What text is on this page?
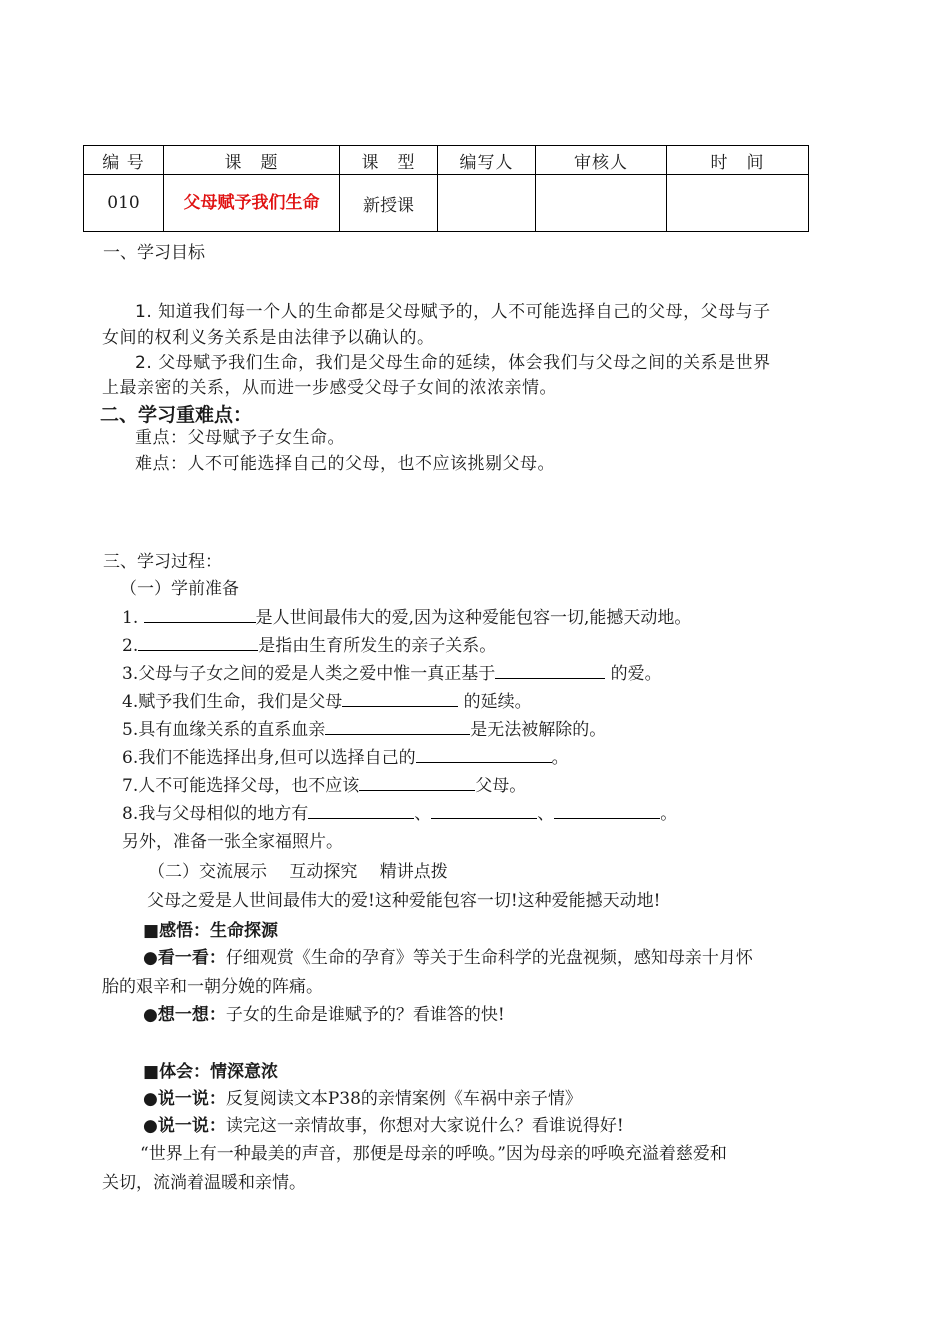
编 号	课　题	课　型	编写人	审核人	时　间
010	父母赋予我们生命	新授课			
一、学习目标
1. 知道我们每一个人的生命都是父母赋予的，人不可能选择自己的父母，父母与子
女间的权利义务关系是由法律予以确认的。
2. 父母赋予我们生命，我们是父母生命的延续，体会我们与父母之间的关系是世界
上最亲密的关系，从而进一步感受父母子女间的浓浓亲情。
二、学习重难点：
重点：父母赋予子女生命。
难点：人不可能选择自己的父母，也不应该挑剔父母。
三、学习过程：
（一）学前准备
1.	是人世间最伟大的爱,因为这种爱能包容一切,能撼天动地。
2.	是指由生育所发生的亲子关系。
3.父母与子女之间的爱是人类之爱中惟一真正基于	的爱。
4.赋予我们生命，我们是父母	的延续。
5.具有血缘关系的直系血亲	是无法被解除的。
6.我们不能选择出身,但可以选择自己的	。
7.人不可能选择父母，也不应该	父母。
8.我与父母相似的地方有	、	、	。
另外，准备一张全家福照片。
（二）交流展示　 互动探究　 精讲点拨
父母之爱是人世间最伟大的爱!这种爱能包容一切!这种爱能撼天动地!
■感悟：生命探源
●看一看：仔细观赏《生命的孕育》等关于生命科学的光盘视频，感知母亲十月怀
胎的艰辛和一朝分娩的阵痛。
●想一想：子女的生命是谁赋予的？看谁答的快!
■体会：情深意浓
●说一说：反复阅读文本P38的亲情案例《车祸中亲子情》
●说一说：读完这一亲情故事，你想对大家说什么？看谁说得好!
“世界上有一种最美的声音，那便是母亲的呼唤。”因为母亲的呼唤充溢着慈爱和
关切，流淌着温暖和亲情。
